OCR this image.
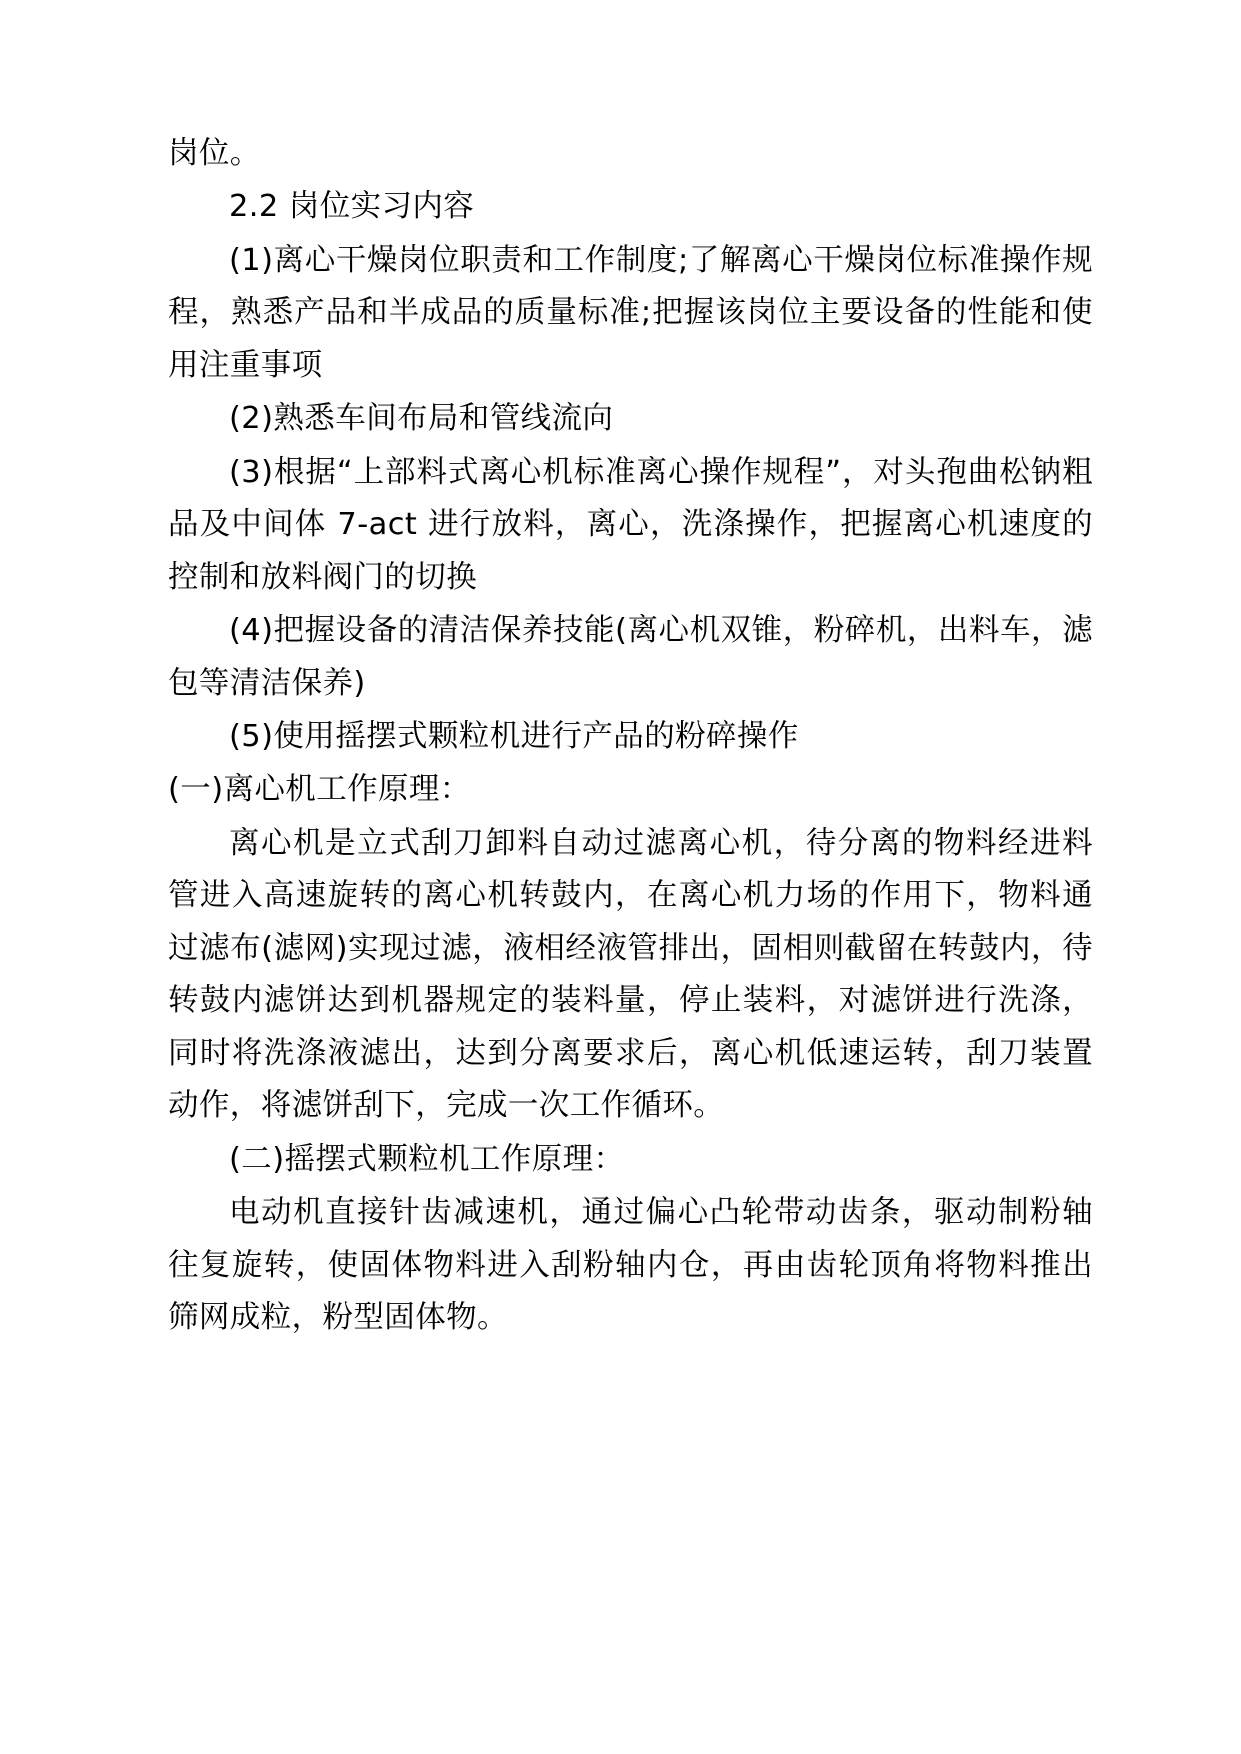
岗位。

2.2 岗位实习内容

(1)离心干燥岗位职责和工作制度;了解离心干燥岗位标准操作规程，熟悉产品和半成品的质量标准;把握该岗位主要设备的性能和使用注重事项

(2)熟悉车间布局和管线流向

(3)根据“上部料式离心机标准离心操作规程”，对头孢曲松钠粗品及中间体 7-act 进行放料，离心，洗涤操作，把握离心机速度的控制和放料阀门的切换

(4)把握设备的清洁保养技能(离心机双锥，粉碎机，出料车，滤包等清洁保养)

(5)使用摇摆式颗粒机进行产品的粉碎操作

(一)离心机工作原理：

离心机是立式刮刀卸料自动过滤离心机，待分离的物料经进料管进入高速旋转的离心机转鼓内，在离心机力场的作用下，物料通过滤布(滤网)实现过滤，液相经液管排出，固相则截留在转鼓内，待转鼓内滤饼达到机器规定的装料量，停止装料，对滤饼进行洗涤，同时将洗涤液滤出，达到分离要求后，离心机低速运转，刮刀装置动作，将滤饼刮下，完成一次工作循环。

(二)摇摆式颗粒机工作原理：

电动机直接针齿减速机，通过偏心凸轮带动齿条，驱动制粉轴往复旋转，使固体物料进入刮粉轴内仓，再由齿轮顶角将物料推出筛网成粒，粉型固体物。
